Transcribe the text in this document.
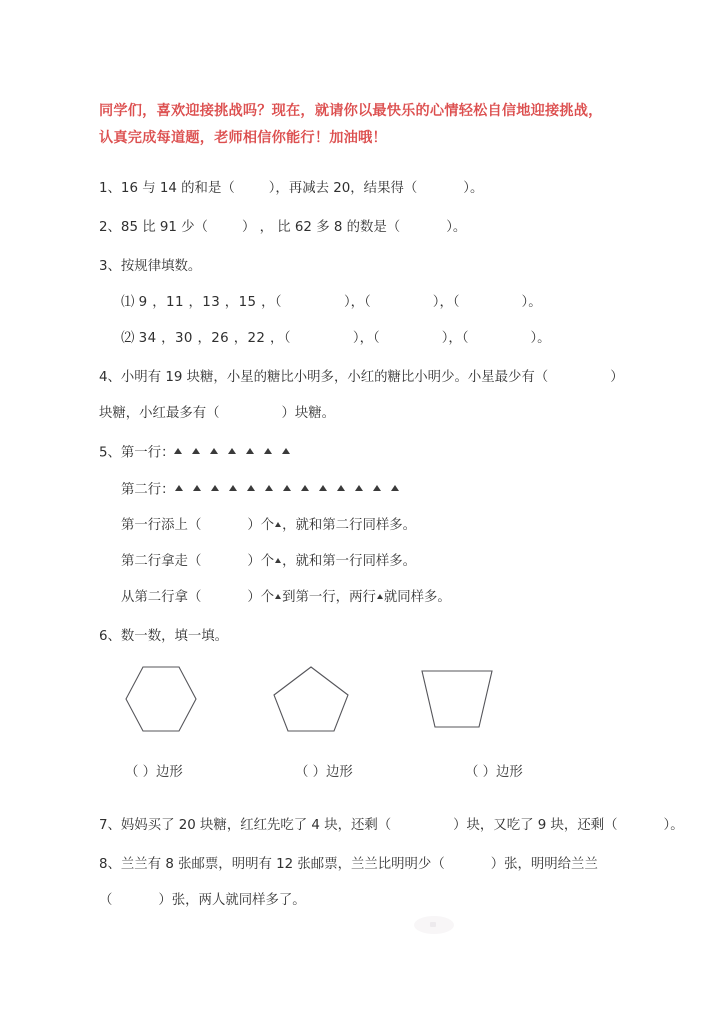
同学们，喜欢迎接挑战吗？现在，就请你以最快乐的心情轻松自信地迎接挑战，
认真完成每道题，老师相信你能行！加油哦！
1、16 与 14 的和是（	），再减去 20，结果得（	）。
2、85 比 91 少（	） ， 比 62 多 8 的数是（	）。
3、按规律填数。
⑴ 9 ，11 ，13 ，15 ，（	），（	），（	）。
⑵ 34 ，30 ，26 ，22 ，（	），（	），（	）。
4、小明有 19 块糖，小星的糖比小明多，小红的糖比小明少。小星最少有（	）
块糖，小红最多有（	）块糖。
5、第一行：
第二行：
第一行添上（	）个 ，就和第二行同样多。
第二行拿走（	）个 ，就和第一行同样多。
从第二行拿（	）个 到第一行，两行 就同样多。
6、数一数，填一填。
（ ）边形	（ ）边形	（ ）边形
7、妈妈买了 20 块糖，红红先吃了 4 块，还剩（	）块，又吃了 9 块，还剩（	）。
8、兰兰有 8 张邮票，明明有 12 张邮票，兰兰比明明少（	）张，明明给兰兰
（	）张，两人就同样多了。
